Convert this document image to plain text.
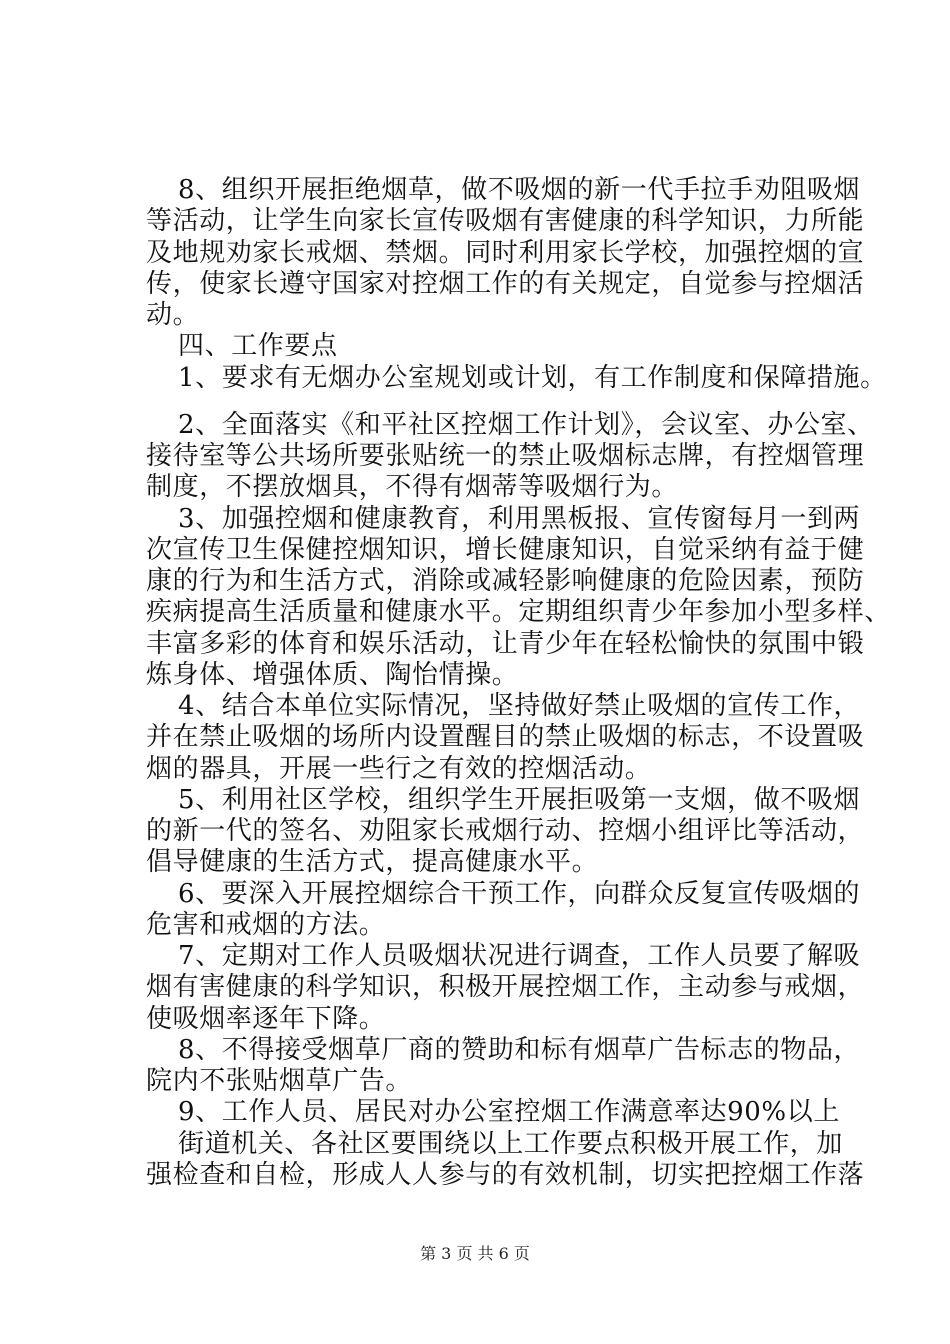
8、组织开展拒绝烟草，做不吸烟的新一代手拉手劝阻吸烟
等活动，让学生向家长宣传吸烟有害健康的科学知识，力所能
及地规劝家长戒烟、禁烟。同时利用家长学校，加强控烟的宣
传，使家长遵守国家对控烟工作的有关规定，自觉参与控烟活
动。
四、工作要点
1、要求有无烟办公室规划或计划，有工作制度和保障措施。
2、全面落实《和平社区控烟工作计划》，会议室、办公室、
接待室等公共场所要张贴统一的禁止吸烟标志牌，有控烟管理
制度，不摆放烟具，不得有烟蒂等吸烟行为。
3、加强控烟和健康教育，利用黑板报、宣传窗每月一到两
次宣传卫生保健控烟知识，增长健康知识，自觉采纳有益于健
康的行为和生活方式，消除或减轻影响健康的危险因素，预防
疾病提高生活质量和健康水平。定期组织青少年参加小型多样、
丰富多彩的体育和娱乐活动，让青少年在轻松愉快的氛围中锻
炼身体、增强体质、陶怡情操。
4、结合本单位实际情况，坚持做好禁止吸烟的宣传工作，
并在禁止吸烟的场所内设置醒目的禁止吸烟的标志，不设置吸
烟的器具，开展一些行之有效的控烟活动。
5、利用社区学校，组织学生开展拒吸第一支烟，做不吸烟
的新一代的签名、劝阻家长戒烟行动、控烟小组评比等活动，
倡导健康的生活方式，提高健康水平。
6、要深入开展控烟综合干预工作，向群众反复宣传吸烟的
危害和戒烟的方法。
7、定期对工作人员吸烟状况进行调查，工作人员要了解吸
烟有害健康的科学知识，积极开展控烟工作，主动参与戒烟，
使吸烟率逐年下降。
8、不得接受烟草厂商的赞助和标有烟草广告标志的物品，
院内不张贴烟草广告。
9、工作人员、居民对办公室控烟工作满意率达90%以上
街道机关、各社区要围绕以上工作要点积极开展工作，加
强检查和自检，形成人人参与的有效机制，切实把控烟工作落
第 3 页 共 6 页
